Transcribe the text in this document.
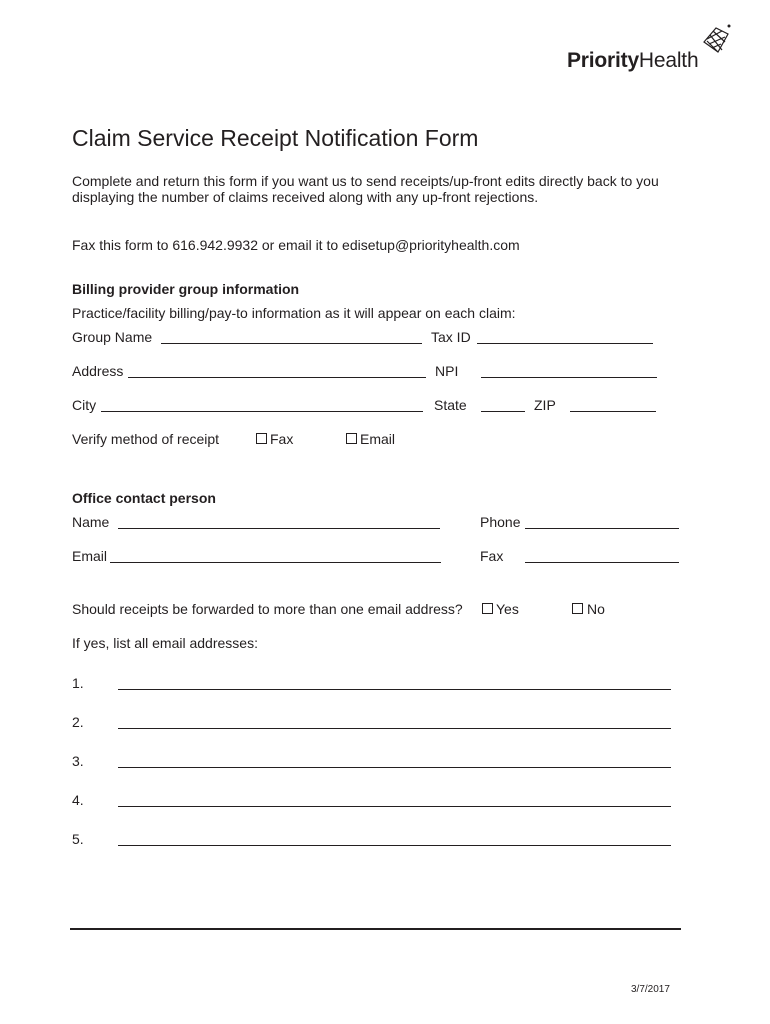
PriorityHealth
Claim Service Receipt Notification Form
Complete and return this form if you want us to send receipts/up-front edits directly back to you
displaying the number of claims received along with any up-front rejections.
Fax this form to 616.942.9932 or email it to edisetup@priorityhealth.com
Billing provider group information
Practice/facility billing/pay-to information as it will appear on each claim:
Group Name	Tax ID
Address	NPI
City	State	ZIP
Verify method of receipt	Fax	Email
Office contact person
Name	Phone
Email	Fax
Should receipts be forwarded to more than one email address? Yes	No
If yes, list all email addresses:
1.
2.
3.
4.
5.
3/7/2017
